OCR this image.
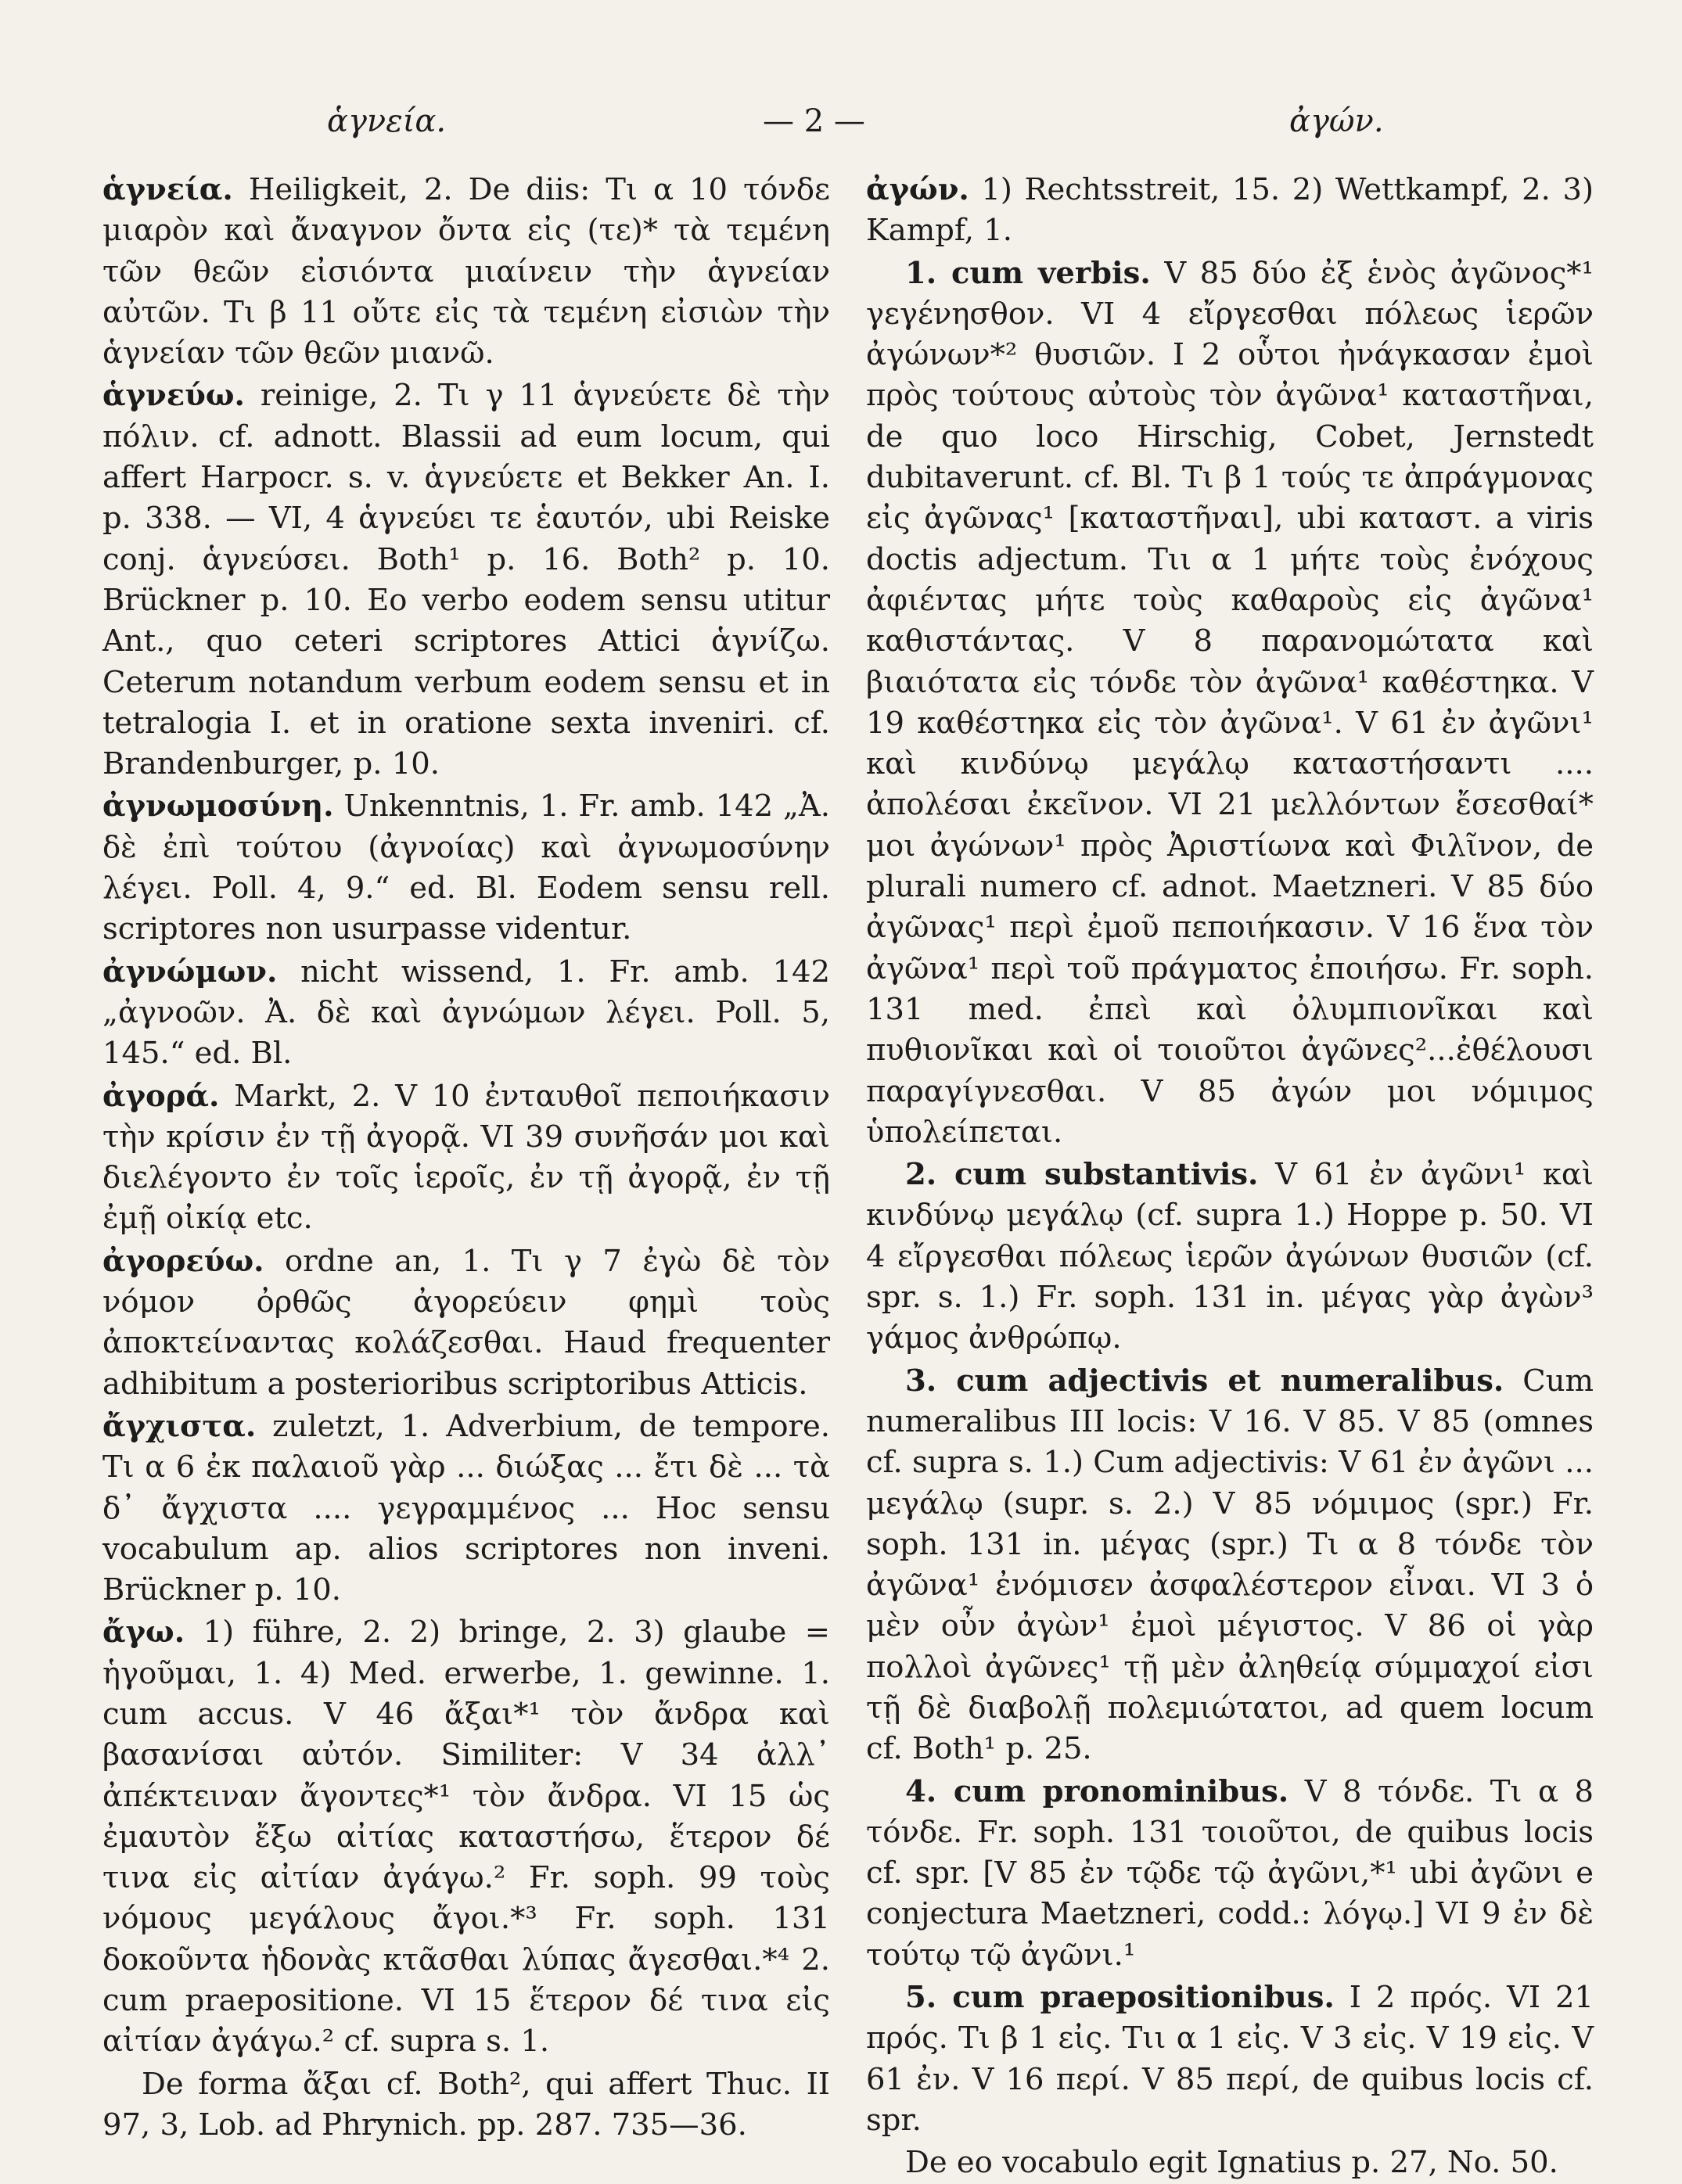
ἁγνεία.	— 2 —	ἀγών.

ἁγνεία. Heiligkeit, 2. De diis: Τι α 10 τόνδε μιαρὸν καὶ ἄναγνον ὄντα εἰς (τε)* τὰ τεμένη τῶν θεῶν εἰσιόντα μιαίνειν τὴν ἁγνείαν αὐτῶν. Τι β 11 οὔτε εἰς τὰ τεμένη εἰσιὼν τὴν ἁγνείαν τῶν θεῶν μιανῶ.

ἁγνεύω. reinige, 2. Τι γ 11 ἁγνεύετε δὲ τὴν πόλιν. cf. adnott. Blassii ad eum locum, qui affert Harpocr. s. v. ἁγνεύετε et Bekker An. I. p. 338. — VI, 4 ἁγνεύει τε ἑαυτόν, ubi Reiske conj. ἁγνεύσει. Both¹ p. 16. Both² p. 10. Brückner p. 10. Eo verbo eodem sensu utitur Ant., quo ceteri scriptores Attici ἁγνίζω. Ceterum notandum verbum eodem sensu et in tetralogia I. et in oratione sexta inveniri. cf. Brandenburger, p. 10.

ἀγνωμοσύνη. Unkenntnis, 1. Fr. amb. 142 „Ἀ. δὲ ἐπὶ τούτου (ἀγνοίας) καὶ ἀγνωμοσύνην λέγει. Poll. 4, 9.“ ed. Bl. Eodem sensu rell. scriptores non usurpasse videntur.

ἀγνώμων. nicht wissend, 1. Fr. amb. 142 „ἀγνοῶν. Ἀ. δὲ καὶ ἀγνώμων λέγει. Poll. 5, 145.“ ed. Bl.

ἀγορά. Markt, 2. V 10 ἐνταυθοῖ πεποιήκασιν τὴν κρίσιν ἐν τῇ ἀγορᾷ. VI 39 συνῆσάν μοι καὶ διελέγοντο ἐν τοῖς ἱεροῖς, ἐν τῇ ἀγορᾷ, ἐν τῇ ἐμῇ οἰκίᾳ etc.

ἀγορεύω. ordne an, 1. Τι γ 7 ἐγὼ δὲ τὸν νόμον ὀρθῶς ἀγορεύειν φημὶ τοὺς ἀποκτείναντας κολάζεσθαι. Haud frequenter adhibitum a posterioribus scriptoribus Atticis.

ἄγχιστα. zuletzt, 1. Adverbium, de tempore. Τι α 6 ἐκ παλαιοῦ γὰρ ... διώξας ... ἔτι δὲ ... τὰ δ᾽ ἄγχιστα .... γεγραμμένος ... Hoc sensu vocabulum ap. alios scriptores non inveni. Brückner p. 10.

ἄγω. 1) führe, 2. 2) bringe, 2. 3) glaube = ἡγοῦμαι, 1. 4) Med. erwerbe, 1. gewinne. 1. cum accus. V 46 ἄξαι*¹ τὸν ἄνδρα καὶ βασανίσαι αὐτόν. Similiter: V 34 ἀλλ᾽ ἀπέκτειναν ἄγοντες*¹ τὸν ἄνδρα. VI 15 ὡς ἐμαυτὸν ἔξω αἰτίας καταστήσω, ἕτερον δέ τινα εἰς αἰτίαν ἀγάγω.² Fr. soph. 99 τοὺς νόμους μεγάλους ἄγοι.*³ Fr. soph. 131 δοκοῦντα ἡδονὰς κτᾶσθαι λύπας ἄγεσθαι.*⁴ 2. cum praepositione. VI 15 ἕτερον δέ τινα εἰς αἰτίαν ἀγάγω.² cf. supra s. 1.

De forma ἄξαι cf. Both², qui affert Thuc. II 97, 3, Lob. ad Phrynich. pp. 287. 735—36.

ἀγών. 1) Rechtsstreit, 15. 2) Wettkampf, 2. 3) Kampf, 1.

1. cum verbis. V 85 δύο ἐξ ἑνὸς ἀγῶνος*¹ γεγένησθον. VI 4 εἴργεσθαι πόλεως ἱερῶν ἀγώνων*² θυσιῶν. I 2 οὗτοι ἠνάγκασαν ἐμοὶ πρὸς τούτους αὐτοὺς τὸν ἀγῶνα¹ καταστῆναι, de quo loco Hirschig, Cobet, Jernstedt dubitaverunt. cf. Bl. Τι β 1 τούς τε ἀπράγμονας εἰς ἀγῶνας¹ [καταστῆναι], ubi καταστ. a viris doctis adjectum. Τιι α 1 μήτε τοὺς ἐνόχους ἀφιέντας μήτε τοὺς καθαροὺς εἰς ἀγῶνα¹ καθιστάντας. V 8 παρανομώτατα καὶ βιαιότατα εἰς τόνδε τὸν ἀγῶνα¹ καθέστηκα. V 19 καθέστηκα εἰς τὸν ἀγῶνα¹. V 61 ἐν ἀγῶνι¹ καὶ κινδύνῳ μεγάλῳ καταστήσαντι .... ἀπολέσαι ἐκεῖνον. VI 21 μελλόντων ἔσεσθαί* μοι ἀγώνων¹ πρὸς Ἀριστίωνα καὶ Φιλῖνον, de plurali numero cf. adnot. Maetzneri. V 85 δύο ἀγῶνας¹ περὶ ἐμοῦ πεποιήκασιν. V 16 ἕνα τὸν ἀγῶνα¹ περὶ τοῦ πράγματος ἐποιήσω. Fr. soph. 131 med. ἐπεὶ καὶ ὀλυμπιονῖκαι καὶ πυθιονῖκαι καὶ οἱ τοιοῦτοι ἀγῶνες²...ἐθέλουσι παραγίγνεσθαι. V 85 ἀγών μοι νόμιμος ὑπολείπεται.

2. cum substantivis. V 61 ἐν ἀγῶνι¹ καὶ κινδύνῳ μεγάλῳ (cf. supra 1.) Hoppe p. 50. VI 4 εἴργεσθαι πόλεως ἱερῶν ἀγώνων θυσιῶν (cf. spr. s. 1.) Fr. soph. 131 in. μέγας γὰρ ἀγὼν³ γάμος ἀνθρώπῳ.

3. cum adjectivis et numeralibus. Cum numeralibus III locis: V 16. V 85. V 85 (omnes cf. supra s. 1.) Cum adjectivis: V 61 ἐν ἀγῶνι ... μεγάλῳ (supr. s. 2.) V 85 νόμιμος (spr.) Fr. soph. 131 in. μέγας (spr.) Τι α 8 τόνδε τὸν ἀγῶνα¹ ἐνόμισεν ἀσφαλέστερον εἶναι. VI 3 ὁ μὲν οὖν ἀγὼν¹ ἐμοὶ μέγιστος. V 86 οἱ γὰρ πολλοὶ ἀγῶνες¹ τῇ μὲν ἀληθείᾳ σύμμαχοί εἰσι τῇ δὲ διαβολῇ πολεμιώτατοι, ad quem locum cf. Both¹ p. 25.

4. cum pronominibus. V 8 τόνδε. Τι α 8 τόνδε. Fr. soph. 131 τοιοῦτοι, de quibus locis cf. spr. [V 85 ἐν τῷδε τῷ ἀγῶνι,*¹ ubi ἀγῶνι e conjectura Maetzneri, codd.: λόγῳ.] VI 9 ἐν δὲ τούτῳ τῷ ἀγῶνι.¹

5. cum praepositionibus. I 2 πρός. VI 21 πρός. Τι β 1 εἰς. Τιι α 1 εἰς. V 3 εἰς. V 19 εἰς. V 61 ἐν. V 16 περί. V 85 περί, de quibus locis cf. spr.

De eo vocabulo egit Ignatius p. 27, No. 50.
